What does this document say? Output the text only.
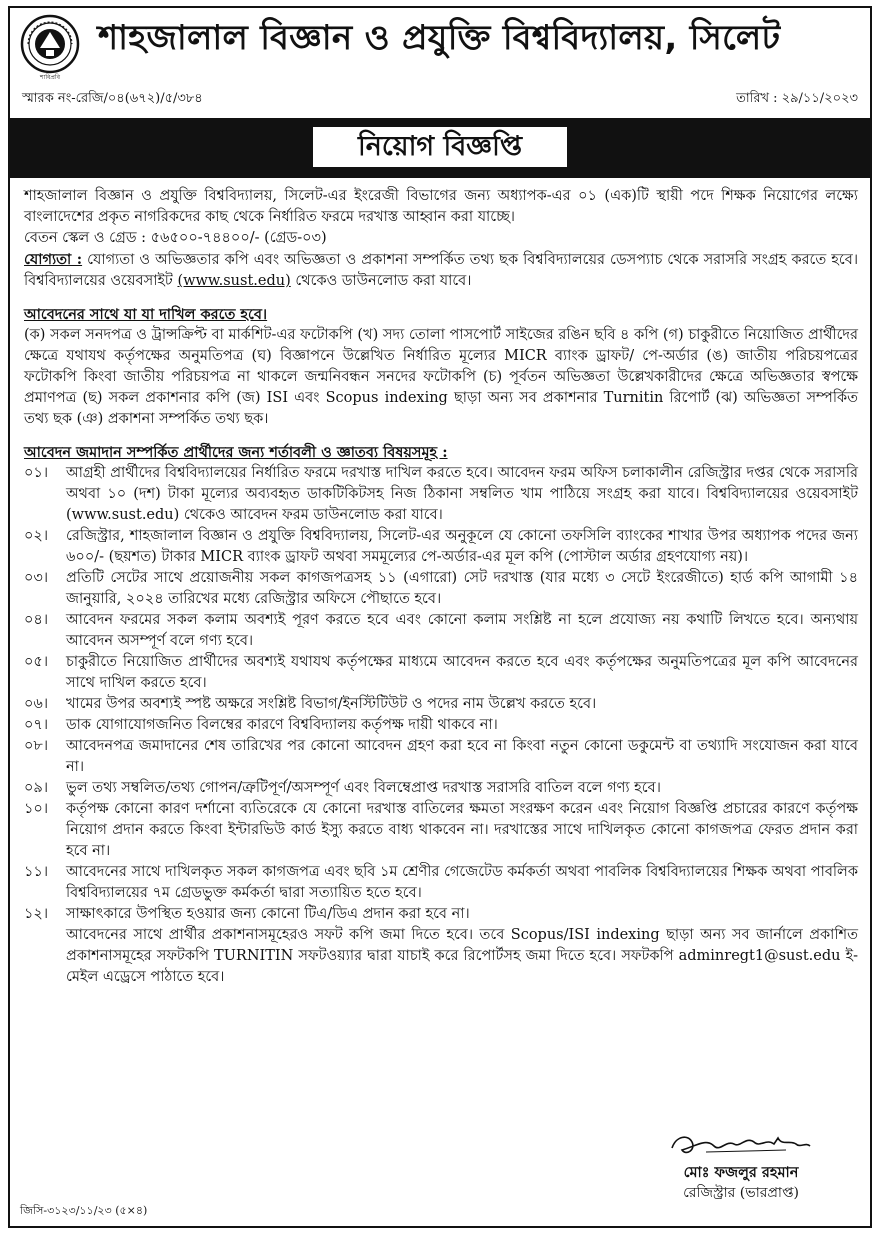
শাবিপ্রবি
শাহজালাল বিজ্ঞান ও প্রযুক্তি বিশ্ববিদ্যালয়, সিলেট
স্মারক নং-রেজি/০৪(৬৭২)/৫/৩৮৪	তারিখ : ২৯/১১/২০২৩
নিয়োগ বিজ্ঞপ্তি

শাহজালাল বিজ্ঞান ও প্রযুক্তি বিশ্ববিদ্যালয়, সিলেট-এর ইংরেজী বিভাগের জন্য অধ্যাপক-এর ০১ (এক)টি স্থায়ী পদে শিক্ষক নিয়োগের লক্ষ্যে বাংলাদেশের প্রকৃত নাগরিকদের কাছ থেকে নির্ধারিত ফরমে দরখাস্ত আহ্বান করা যাচ্ছে।

বেতন স্কেল ও গ্রেড : ৫৬৫০০-৭৪৪০০/- (গ্রেড-০৩)

যোগ্যতা : যোগ্যতা ও অভিজ্ঞতার কপি এবং অভিজ্ঞতা ও প্রকাশনা সম্পর্কিত তথ্য ছক বিশ্ববিদ্যালয়ের ডেসপ্যাচ থেকে সরাসরি সংগ্রহ করতে হবে। বিশ্ববিদ্যালয়ের ওয়েবসাইট (www.sust.edu) থেকেও ডাউনলোড করা যাবে।

আবেদনের সাথে যা যা দাখিল করতে হবে।

(ক) সকল সনদপত্র ও ট্রান্সক্রিপ্ট বা মার্কশিট-এর ফটোকপি (খ) সদ্য তোলা পাসপোর্ট সাইজের রঙিন ছবি ৪ কপি (গ) চাকুরীতে নিয়োজিত প্রার্থীদের ক্ষেত্রে যথাযথ কর্তৃপক্ষের অনুমতিপত্র (ঘ) বিজ্ঞাপনে উল্লেখিত নির্ধারিত মূল্যের MICR ব্যাংক ড্রাফট/ পে-অর্ডার (ঙ) জাতীয় পরিচয়পত্রের ফটোকপি কিংবা জাতীয় পরিচয়পত্র না থাকলে জন্মনিবন্ধন সনদের ফটোকপি (চ) পূর্বতন অভিজ্ঞতা উল্লেখকারীদের ক্ষেত্রে অভিজ্ঞতার স্বপক্ষে প্রমাণপত্র (ছ) সকল প্রকাশনার কপি (জ) ISI এবং Scopus indexing ছাড়া অন্য সব প্রকাশনার Turnitin রিপোর্ট (ঝ) অভিজ্ঞতা সম্পর্কিত তথ্য ছক (ঞ) প্রকাশনা সম্পর্কিত তথ্য ছক।

আবেদন জমাদান সম্পর্কিত প্রার্থীদের জন্য শর্তাবলী ও জ্ঞাতব্য বিষয়সমূহ :

০১।	আগ্রহী প্রার্থীদের বিশ্ববিদ্যালয়ের নির্ধারিত ফরমে দরখাস্ত দাখিল করতে হবে। আবেদন ফরম অফিস চলাকালীন রেজিস্ট্রার দপ্তর থেকে সরাসরি অথবা ১০ (দশ) টাকা মূল্যের অব্যবহৃত ডাকটিকিটসহ নিজ ঠিকানা সম্বলিত খাম পাঠিয়ে সংগ্রহ করা যাবে। বিশ্ববিদ্যালয়ের ওয়েবসাইট (www.sust.edu) থেকেও আবেদন ফরম ডাউনলোড করা যাবে।
০২।	রেজিস্ট্রার, শাহজালাল বিজ্ঞান ও প্রযুক্তি বিশ্ববিদ্যালয়, সিলেট-এর অনুকূলে যে কোনো তফসিলি ব্যাংকের শাখার উপর অধ্যাপক পদের জন্য ৬০০/- (ছয়শত) টাকার MICR ব্যাংক ড্রাফট অথবা সমমূল্যের পে-অর্ডার-এর মূল কপি (পোস্টাল অর্ডার গ্রহণযোগ্য নয়)।
০৩।	প্রতিটি সেটের সাথে প্রয়োজনীয় সকল কাগজপত্রসহ ১১ (এগারো) সেট দরখাস্ত (যার মধ্যে ৩ সেটে ইংরেজীতে) হার্ড কপি আগামী ১৪ জানুয়ারি, ২০২৪ তারিখের মধ্যে রেজিস্ট্রার অফিসে পৌছাতে হবে।
০৪।	আবেদন ফরমের সকল কলাম অবশ্যই পূরণ করতে হবে এবং কোনো কলাম সংশ্লিষ্ট না হলে প্রযোজ্য নয় কথাটি লিখতে হবে। অন্যথায় আবেদন অসম্পূর্ণ বলে গণ্য হবে।
০৫।	চাকুরীতে নিয়োজিত প্রার্থীদের অবশ্যই যথাযথ কর্তৃপক্ষের মাধ্যমে আবেদন করতে হবে এবং কর্তৃপক্ষের অনুমতিপত্রের মূল কপি আবেদনের সাথে দাখিল করতে হবে।
০৬।	খামের উপর অবশ্যই স্পষ্ট অক্ষরে সংশ্লিষ্ট বিভাগ/ইনস্টিটিউট ও পদের নাম উল্লেখ করতে হবে।
০৭।	ডাক যোগাযোগজনিত বিলম্বের কারণে বিশ্ববিদ্যালয় কর্তৃপক্ষ দায়ী থাকবে না।
০৮।	আবেদনপত্র জমাদানের শেষ তারিখের পর কোনো আবেদন গ্রহণ করা হবে না কিংবা নতুন কোনো ডকুমেন্ট বা তথ্যাদি সংযোজন করা যাবে না।
০৯।	ভুল তথ্য সম্বলিত/তথ্য গোপন/ত্রুটিপূর্ণ/অসম্পূর্ণ এবং বিলম্বেপ্রাপ্ত দরখাস্ত সরাসরি বাতিল বলে গণ্য হবে।
১০।	কর্তৃপক্ষ কোনো কারণ দর্শানো ব্যতিরেকে যে কোনো দরখাস্ত বাতিলের ক্ষমতা সংরক্ষণ করেন এবং নিয়োগ বিজ্ঞপ্তি প্রচারের কারণে কর্তৃপক্ষ নিয়োগ প্রদান করতে কিংবা ইন্টারভিউ কার্ড ইস্যু করতে বাধ্য থাকবেন না। দরখাস্তের সাথে দাখিলকৃত কোনো কাগজপত্র ফেরত প্রদান করা হবে না।
১১।	আবেদনের সাথে দাখিলকৃত সকল কাগজপত্র এবং ছবি ১ম শ্রেণীর গেজেটেড কর্মকর্তা অথবা পাবলিক বিশ্ববিদ্যালয়ের শিক্ষক অথবা পাবলিক বিশ্ববিদ্যালয়ের ৭ম গ্রেডভুক্ত কর্মকর্তা দ্বারা সত্যায়িত হতে হবে।
১২।	সাক্ষাৎকারে উপস্থিত হওয়ার জন্য কোনো টিএ/ডিএ প্রদান করা হবে না।

আবেদনের সাথে প্রার্থীর প্রকাশনাসমূহেরও সফট কপি জমা দিতে হবে। তবে Scopus/ISI indexing ছাড়া অন্য সব জার্নালে প্রকাশিত প্রকাশনাসমূহের সফটকপি TURNITIN সফটওয়্যার দ্বারা যাচাই করে রিপোর্টসহ জমা দিতে হবে। সফটকপি adminregt1@sust.edu ই-মেইল এড্রেসে পাঠাতে হবে।

মোঃ ফজলুর রহমান
রেজিস্ট্রার (ভারপ্রাপ্ত)
জিসি-৩১২৩/১১/২৩ (৫×৪)
